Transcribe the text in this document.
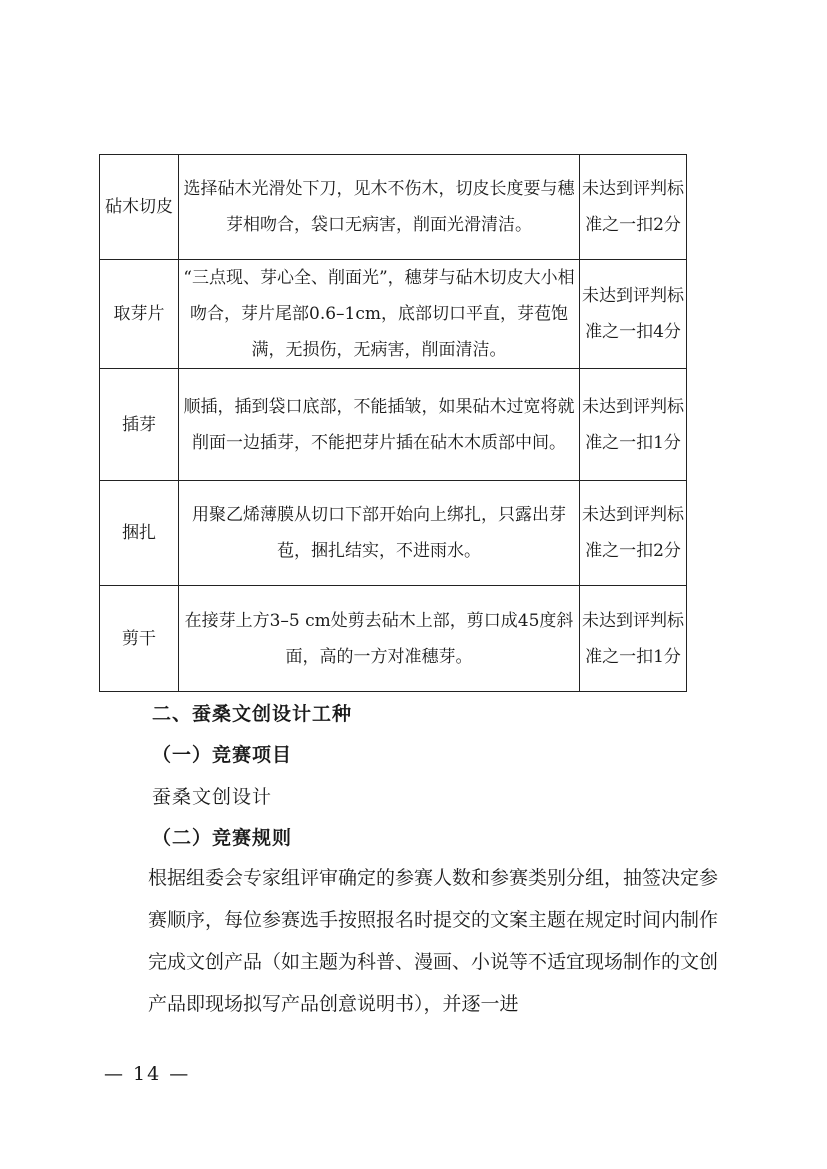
砧木切皮	选择砧木光滑处下刀，见木不伤木，切皮长度要与穗芽相吻合，袋口无病害，削面光滑清洁。	未达到评判标准之一扣2分
取芽片	“三点现、芽心全、削面光”，穗芽与砧木切皮大小相吻合，芽片尾部0.6–1cm，底部切口平直，芽苞饱满，无损伤，无病害，削面清洁。	未达到评判标准之一扣4分
插芽	顺插，插到袋口底部，不能插皱，如果砧木过宽将就削面一边插芽，不能把芽片插在砧木木质部中间。	未达到评判标准之一扣1分
捆扎	用聚乙烯薄膜从切口下部开始向上绑扎，只露出芽苞，捆扎结实，不进雨水。	未达到评判标准之一扣2分
剪干	在接芽上方3–5 cm处剪去砧木上部，剪口成45度斜面，高的一方对准穗芽。	未达到评判标准之一扣1分
二、蚕桑文创设计工种
（一）竞赛项目
蚕桑文创设计
（二）竞赛规则
根据组委会专家组评审确定的参赛人数和参赛类别分组，抽签决定参赛顺序，每位参赛选手按照报名时提交的文案主题在规定时间内制作完成文创产品（如主题为科普、漫画、小说等不适宜现场制作的文创产品即现场拟写产品创意说明书），并逐一进
— 14 —
